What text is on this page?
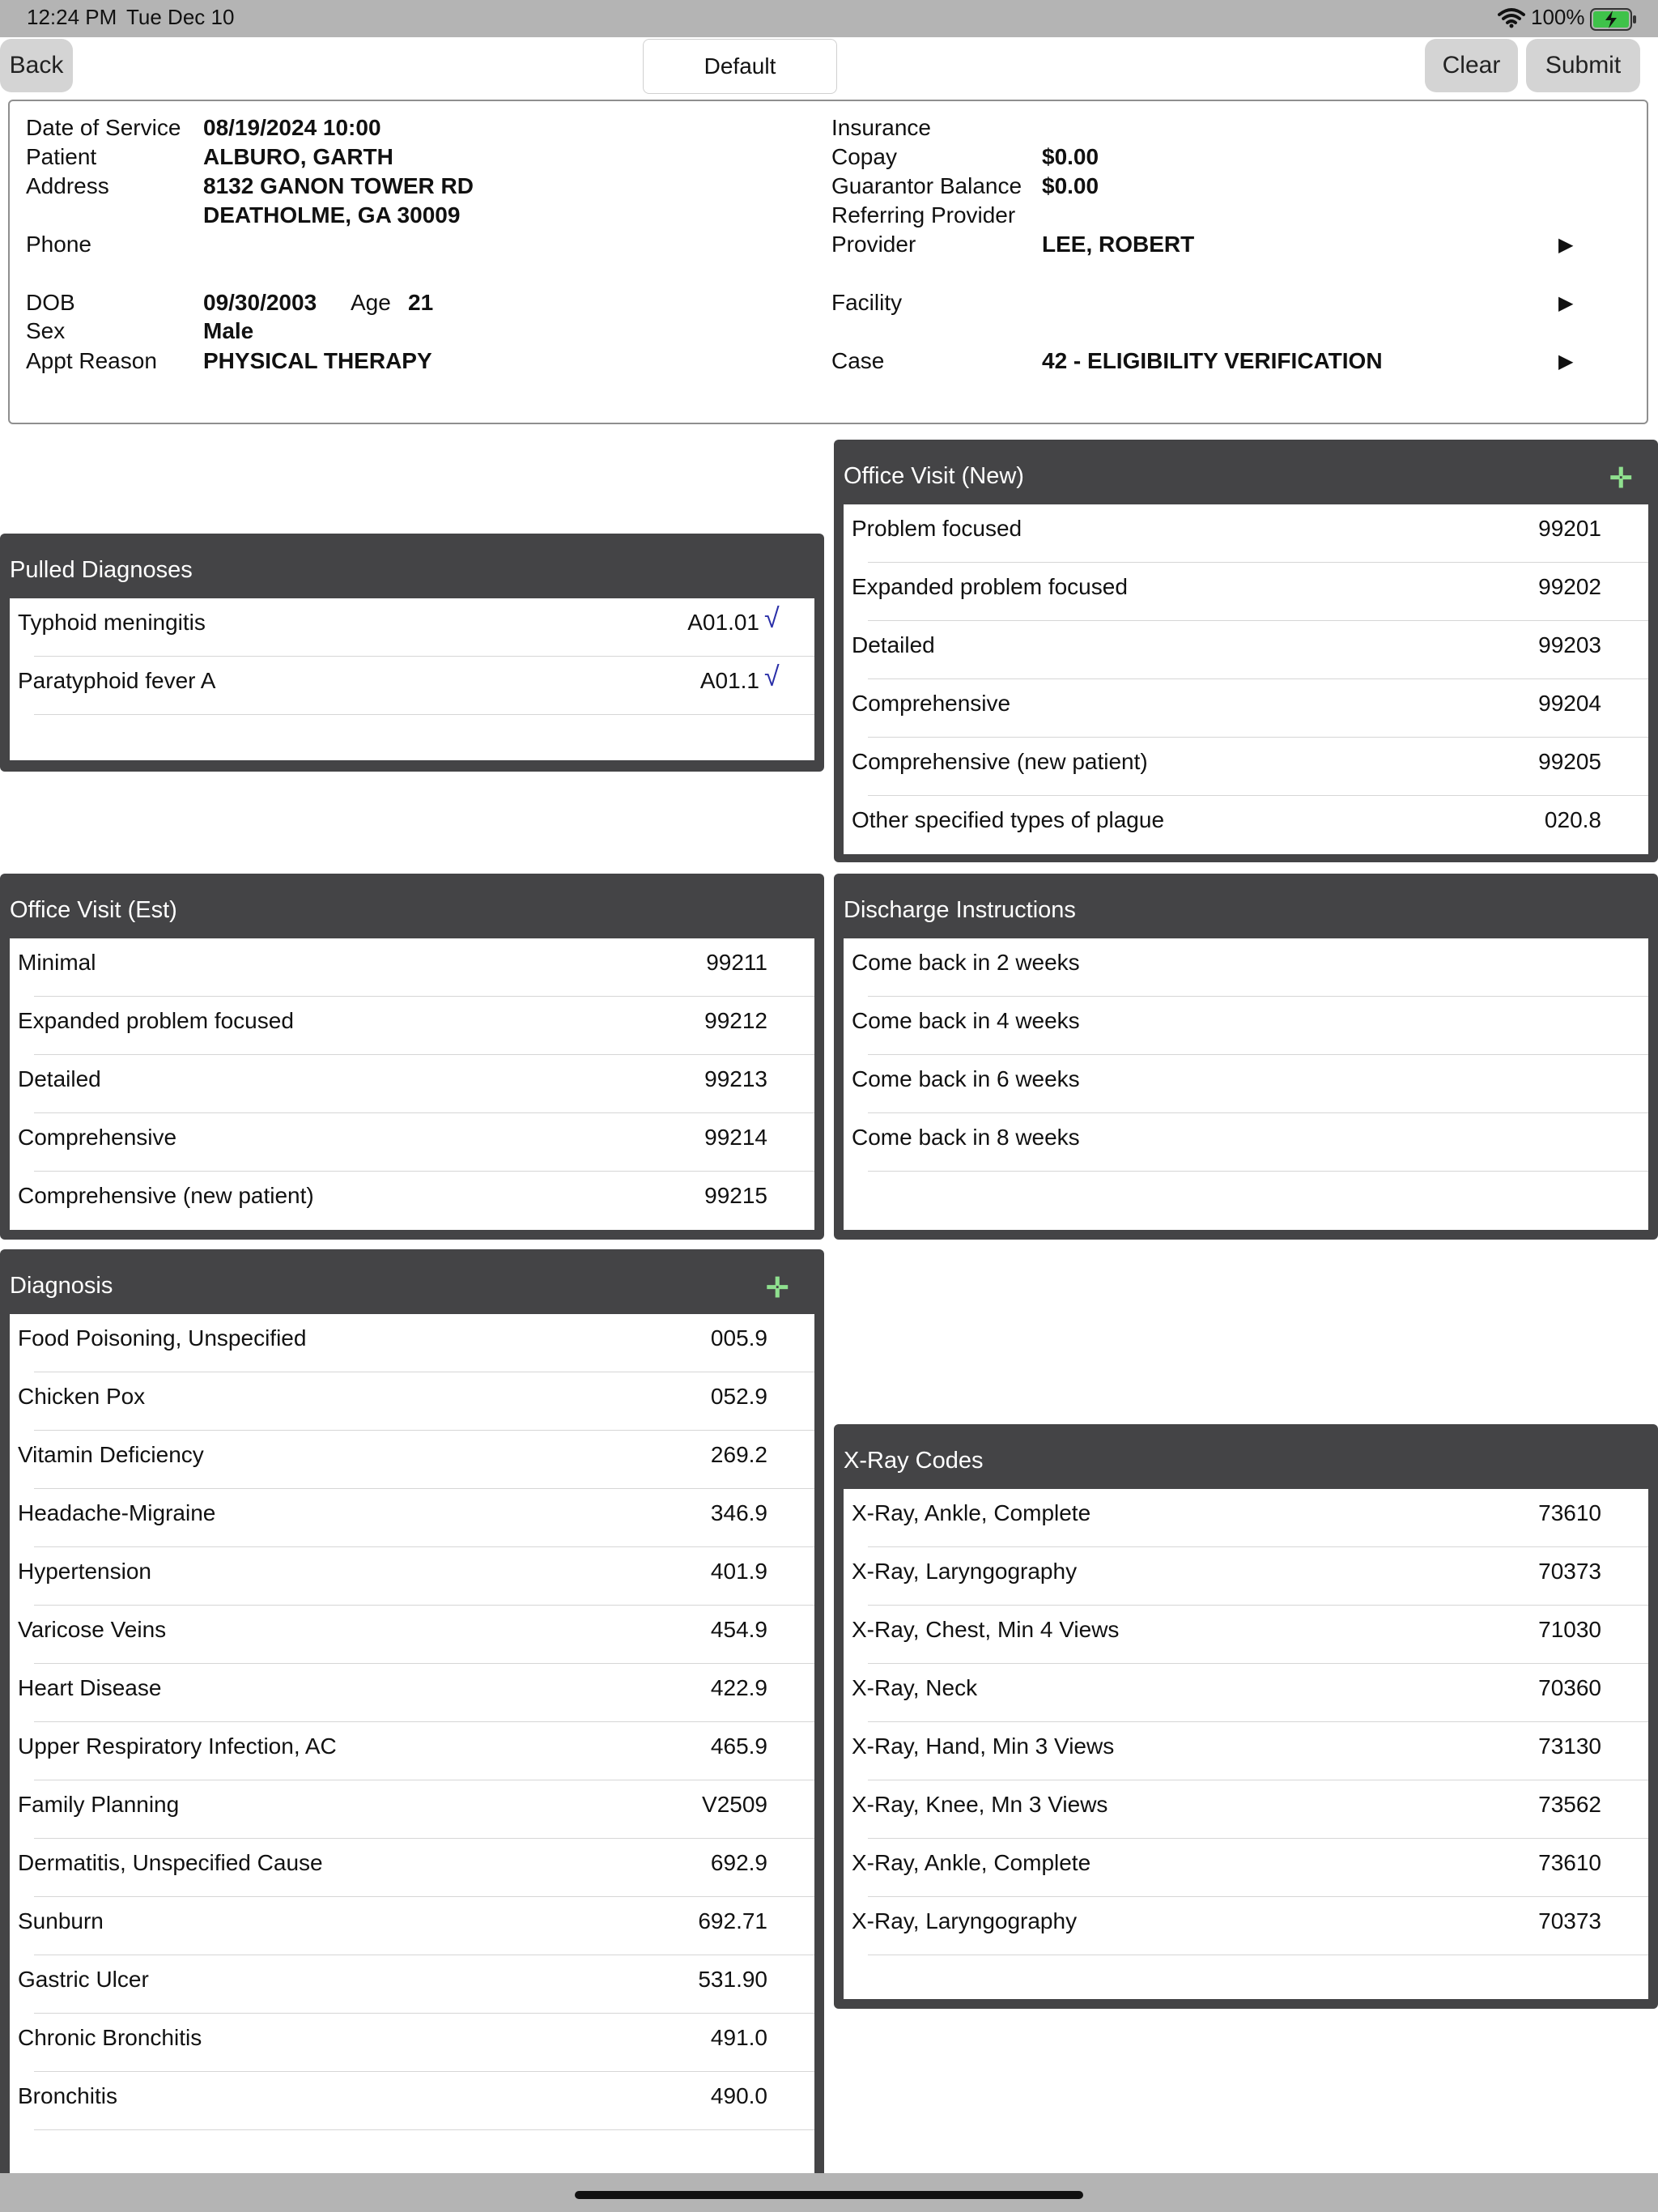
12:24 PM Tue Dec 10	100%
Back	Default	Clear	Submit
Date of Service 08/19/2024 10:00
Patient	ALBURO, GARTH
Address	8132 GANON TOWER RD
DEATHOLME, GA 30009
Phone
DOB	09/30/2003 Age 21
Sex	Male
Appt Reason PHYSICAL THERAPY
Insurance
Copay	$0.00
Guarantor Balance $0.00
Referring Provider
Provider	LEE, ROBERT	▶
Facility	▶
Case	42 - ELIGIBILITY VERIFICATION	▶
Pulled Diagnoses
Typhoid meningitis	A01.01 √
Paratyphoid fever A	A01.1 √
Office Visit (New)	✛
Problem focused	99201
Expanded problem focused	99202
Detailed	99203
Comprehensive	99204
Comprehensive (new patient)	99205
Other specified types of plague	020.8
Office Visit (Est)
Minimal	99211
Expanded problem focused	99212
Detailed	99213
Comprehensive	99214
Comprehensive (new patient)	99215
Discharge Instructions
Come back in 2 weeks
Come back in 4 weeks
Come back in 6 weeks
Come back in 8 weeks
Diagnosis	✛
Food Poisoning, Unspecified	005.9
Chicken Pox	052.9
Vitamin Deficiency	269.2
Headache-Migraine	346.9
Hypertension	401.9
Varicose Veins	454.9
Heart Disease	422.9
Upper Respiratory Infection, AC	465.9
Family Planning	V2509
Dermatitis, Unspecified Cause	692.9
Sunburn	692.71
Gastric Ulcer	531.90
Chronic Bronchitis	491.0
Bronchitis	490.0
X-Ray Codes
X-Ray, Ankle, Complete	73610
X-Ray, Laryngography	70373
X-Ray, Chest, Min 4 Views	71030
X-Ray, Neck	70360
X-Ray, Hand, Min 3 Views	73130
X-Ray, Knee, Mn 3 Views	73562
X-Ray, Ankle, Complete	73610
X-Ray, Laryngography	70373
